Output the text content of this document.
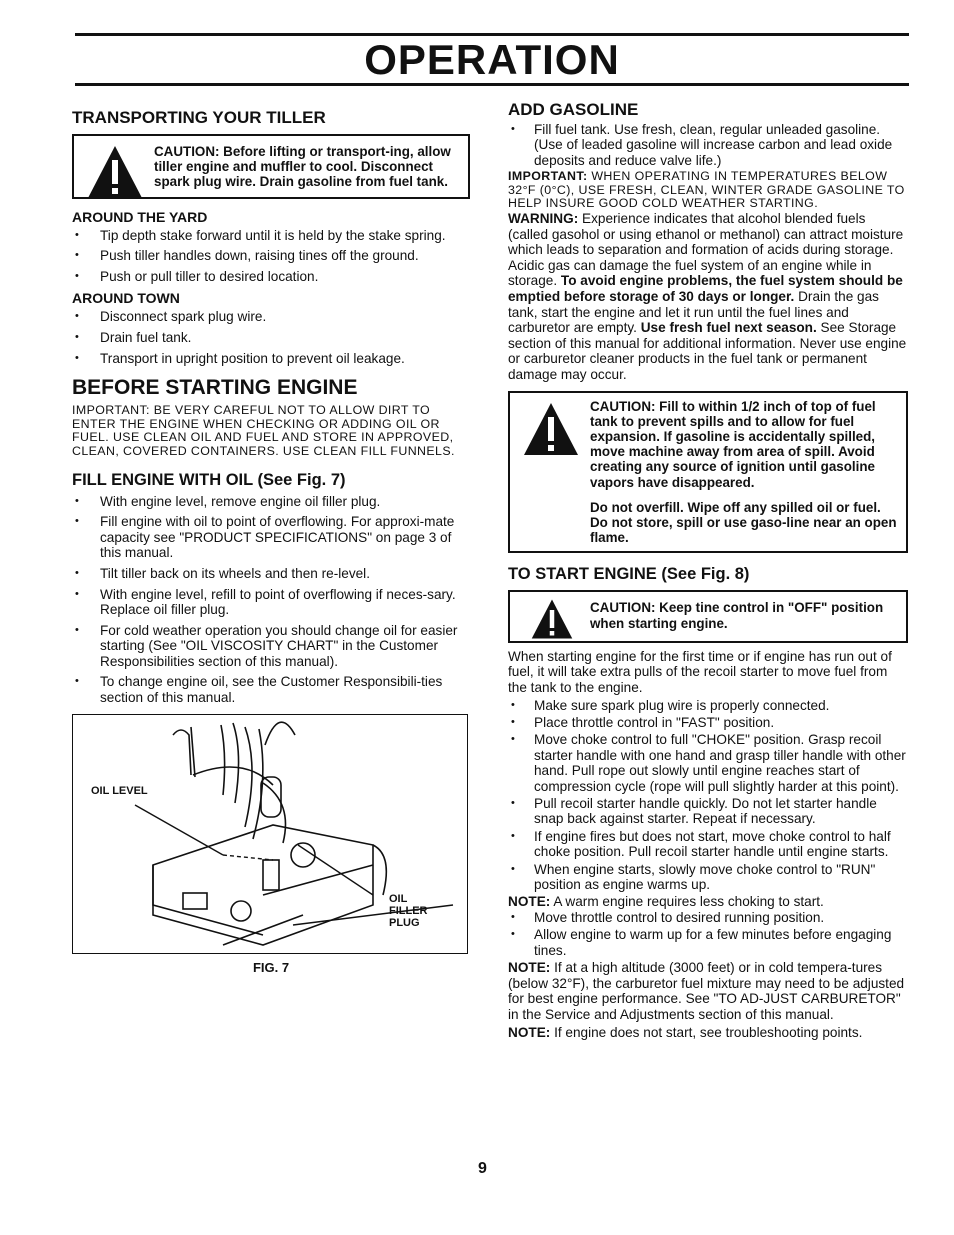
OPERATION
TRANSPORTING YOUR TILLER

CAUTION: Before lifting or transport-ing, allow tiller engine and muffler to cool. Disconnect spark plug wire. Drain gasoline from fuel tank.

AROUND THE YARD
• Tip depth stake forward until it is held by the stake spring.
• Push tiller handles down, raising tines off the ground.
• Push or pull tiller to desired location.
AROUND TOWN
• Disconnect spark plug wire.
• Drain fuel tank.
• Transport in upright position to prevent oil leakage.
BEFORE STARTING ENGINE

IMPORTANT: BE VERY CAREFUL NOT TO ALLOW DIRT TO ENTER THE ENGINE WHEN CHECKING OR ADDING OIL OR FUEL. USE CLEAN OIL AND FUEL AND STORE IN APPROVED, CLEAN, COVERED CONTAINERS. USE CLEAN FILL FUNNELS.

FILL ENGINE WITH OIL (See Fig. 7)
• With engine level, remove engine oil filler plug.
• Fill engine with oil to point of overflowing. For approxi-mate capacity see "PRODUCT SPECIFICATIONS" on page 3 of this manual.
• Tilt tiller back on its wheels and then re-level.
• With engine level, refill to point of overflowing if neces-sary. Replace oil filler plug.
• For cold weather operation you should change oil for easier starting (See "OIL VISCOSITY CHART" in the Customer Responsibilities section of this manual).
• To change engine oil, see the Customer Responsibili-ties section of this manual.
OIL LEVEL
OIL FILLER PLUG
FIG. 7
ADD GASOLINE
• Fill fuel tank. Use fresh, clean, regular unleaded gasoline. (Use of leaded gasoline will increase carbon and lead oxide deposits and reduce valve life.)

IMPORTANT: WHEN OPERATING IN TEMPERATURES BELOW 32°F (0°C), USE FRESH, CLEAN, WINTER GRADE GASOLINE TO HELP INSURE GOOD COLD WEATHER STARTING.

WARNING: Experience indicates that alcohol blended fuels (called gasohol or using ethanol or methanol) can attract moisture which leads to separation and formation of acids during storage. Acidic gas can damage the fuel system of an engine while in storage. To avoid engine problems, the fuel system should be emptied before storage of 30 days or longer. Drain the gas tank, start the engine and let it run until the fuel lines and carburetor are empty. Use fresh fuel next season. See Storage section of this manual for additional information. Never use engine or carburetor cleaner products in the fuel tank or permanent damage may occur.

CAUTION: Fill to within 1/2 inch of top of fuel tank to prevent spills and to allow for fuel expansion. If gasoline is accidentally spilled, move machine away from area of spill. Avoid creating any source of ignition until gasoline vapors have disappeared.

Do not overfill. Wipe off any spilled oil or fuel. Do not store, spill or use gaso-line near an open flame.

TO START ENGINE (See Fig. 8)

CAUTION: Keep tine control in "OFF" position when starting engine.

When starting engine for the first time or if engine has run out of fuel, it will take extra pulls of the recoil starter to move fuel from the tank to the engine.

• Make sure spark plug wire is properly connected.
• Place throttle control in "FAST" position.
• Move choke control to full "CHOKE" position. Grasp recoil starter handle with one hand and grasp tiller handle with other hand. Pull rope out slowly until engine reaches start of compression cycle (rope will pull slightly harder at this point).
• Pull recoil starter handle quickly. Do not let starter handle snap back against starter. Repeat if necessary.
• If engine fires but does not start, move choke control to half choke position. Pull recoil starter handle until engine starts.
• When engine starts, slowly move choke control to "RUN" position as engine warms up.

NOTE: A warm engine requires less choking to start.

• Move throttle control to desired running position.
• Allow engine to warm up for a few minutes before engaging tines.

NOTE: If at a high altitude (3000 feet) or in cold tempera-tures (below 32°F), the carburetor fuel mixture may need to be adjusted for best engine performance. See "TO AD-JUST CARBURETOR" in the Service and Adjustments section of this manual.

NOTE: If engine does not start, see troubleshooting points.

9
